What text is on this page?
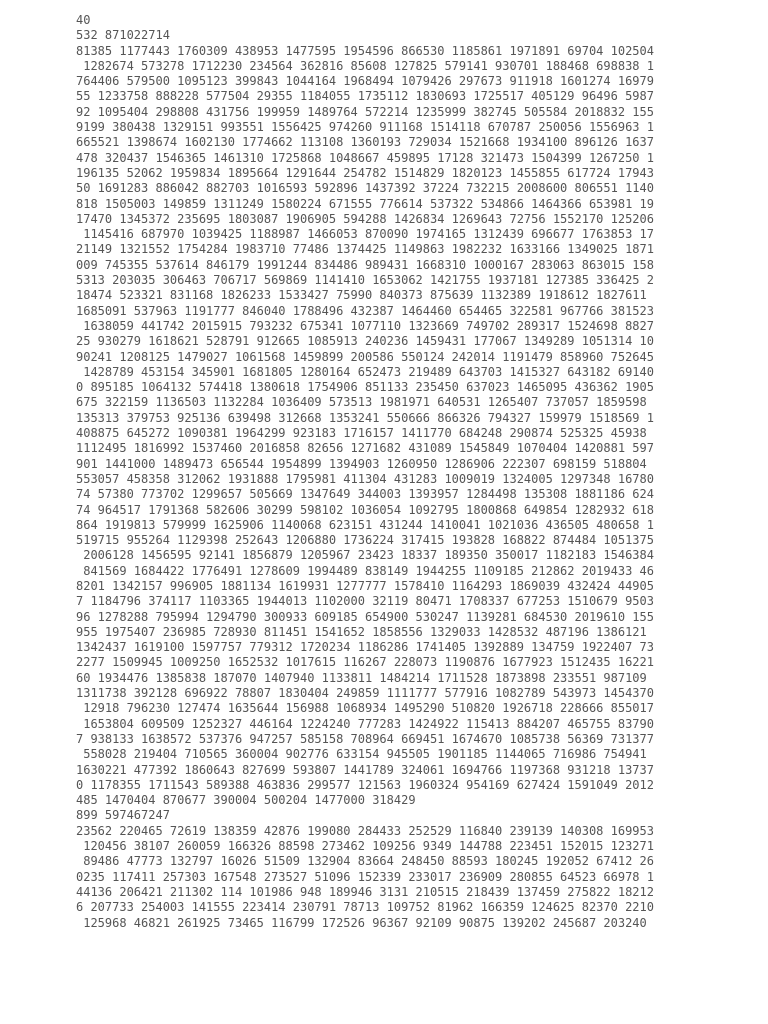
40
532 871022714
81385 1177443 1760309 438953 1477595 1954596 866530 1185861 1971891 69704 102504
1282674 573278 1712230 234564 362816 85608 127825 579141 930701 188468 698838 1
764406 579500 1095123 399843 1044164 1968494 1079426 297673 911918 1601274 16979
55 1233758 888228 577504 29355 1184055 1735112 1830693 1725517 405129 96496 5987
92 1095404 298808 431756 199959 1489764 572214 1235999 382745 505584 2018832 155
9199 380438 1329151 993551 1556425 974260 911168 1514118 670787 250056 1556963 1
665521 1398674 1602130 1774662 113108 1360193 729034 1521668 1934100 896126 1637
478 320437 1546365 1461310 1725868 1048667 459895 17128 321473 1504399 1267250 1
196135 52062 1959834 1895664 1291644 254782 1514829 1820123 1455855 617724 17943
50 1691283 886042 882703 1016593 592896 1437392 37224 732215 2008600 806551 1140
818 1505003 149859 1311249 1580224 671555 776614 537322 534866 1464366 653981 19
17470 1345372 235695 1803087 1906905 594288 1426834 1269643 72756 1552170 125206
1145416 687970 1039425 1188987 1466053 870090 1974165 1312439 696677 1763853 17
21149 1321552 1754284 1983710 77486 1374425 1149863 1982232 1633166 1349025 1871
009 745355 537614 846179 1991244 834486 989431 1668310 1000167 283063 863015 158
5313 203035 306463 706717 569869 1141410 1653062 1421755 1937181 127385 336425 2
18474 523321 831168 1826233 1533427 75990 840373 875639 1132389 1918612 1827611
1685091 537963 1191777 846040 1788496 432387 1464460 654465 322581 967766 381523
1638059 441742 2015915 793232 675341 1077110 1323669 749702 289317 1524698 8827
25 930279 1618621 528791 912665 1085913 240236 1459431 177067 1349289 1051314 10
90241 1208125 1479027 1061568 1459899 200586 550124 242014 1191479 858960 752645
1428789 453154 345901 1681805 1280164 652473 219489 643703 1415327 643182 69140
0 895185 1064132 574418 1380618 1754906 851133 235450 637023 1465095 436362 1905
675 322159 1136503 1132284 1036409 573513 1981971 640531 1265407 737057 1859598
135313 379753 925136 639498 312668 1353241 550666 866326 794327 159979 1518569 1
408875 645272 1090381 1964299 923183 1716157 1411770 684248 290874 525325 45938
1112495 1816992 1537460 2016858 82656 1271682 431089 1545849 1070404 1420881 597
901 1441000 1489473 656544 1954899 1394903 1260950 1286906 222307 698159 518804
553057 458358 312062 1931888 1795981 411304 431283 1009019 1324005 1297348 16780
74 57380 773702 1299657 505669 1347649 344003 1393957 1284498 135308 1881186 624
74 964517 1791368 582606 30299 598102 1036054 1092795 1800868 649854 1282932 618
864 1919813 579999 1625906 1140068 623151 431244 1410041 1021036 436505 480658 1
519715 955264 1129398 252643 1206880 1736224 317415 193828 168822 874484 1051375
2006128 1456595 92141 1856879 1205967 23423 18337 189350 350017 1182183 1546384
841569 1684422 1776491 1278609 1994489 838149 1944255 1109185 212862 2019433 46
8201 1342157 996905 1881134 1619931 1277777 1578410 1164293 1869039 432424 44905
7 1184796 374117 1103365 1944013 1102000 32119 80471 1708337 677253 1510679 9503
96 1278288 795994 1294790 300933 609185 654900 530247 1139281 684530 2019610 155
955 1975407 236985 728930 811451 1541652 1858556 1329033 1428532 487196 1386121
1342437 1619100 1597757 779312 1720234 1186286 1741405 1392889 134759 1922407 73
2277 1509945 1009250 1652532 1017615 116267 228073 1190876 1677923 1512435 16221
60 1934476 1385838 187070 1407940 1133811 1484214 1711528 1873898 233551 987109
1311738 392128 696922 78807 1830404 249859 1111777 577916 1082789 543973 1454370
12918 796230 127474 1635644 156988 1068934 1495290 510820 1926718 228666 855017
1653804 609509 1252327 446164 1224240 777283 1424922 115413 884207 465755 83790
7 938133 1638572 537376 947257 585158 708964 669451 1674670 1085738 56369 731377
558028 219404 710565 360004 902776 633154 945505 1901185 1144065 716986 754941
1630221 477392 1860643 827699 593807 1441789 324061 1694766 1197368 931218 13737
0 1178355 1711543 589388 463836 299577 121563 1960324 954169 627424 1591049 2012
485 1470404 870677 390004 500204 1477000 318429
899 597467247
23562 220465 72619 138359 42876 199080 284433 252529 116840 239139 140308 169953
120456 38107 260059 166326 88598 273462 109256 9349 144788 223451 152015 123271
89486 47773 132797 16026 51509 132904 83664 248450 88593 180245 192052 67412 26
0235 117411 257303 167548 273527 51096 152339 233017 236909 280855 64523 66978 1
44136 206421 211302 114 101986 948 189946 3131 210515 218439 137459 275822 18212
6 207733 254003 141555 223414 230791 78713 109752 81962 166359 124625 82370 2210
125968 46821 261925 73465 116799 172526 96367 92109 90875 139202 245687 203240
